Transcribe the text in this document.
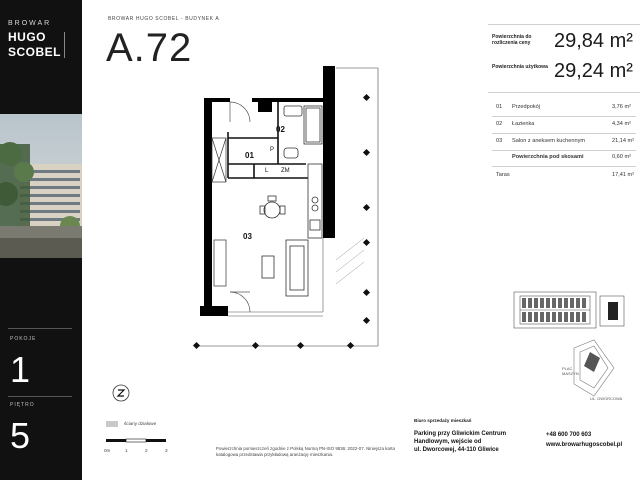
BROWAR
HUGO
SCOBEL
POKOJE
1
PIĘTRO
5
BROWAR HUGO SCOBEL - BUDYNEK A
A.72	Powierzchnia do rozliczenia ceny	29,84 m²
Powierzchnia użytkowa 29,24 m²
01 Przedpokój	3,76 m²
02 Łazienka	4,34 m²
03 Salon z aneksem kuchennym	21,14 m²
Powierzchnia pod skosami	0,60 m²
Taras	17,41 m²
02
01
03
P
L ZM
PLAC MASZYN
UL. DWORCOWA
ściany działowe
0m	1	2	3	Powierzchnia pomieszczeń zgodnie z Polską Normą PN-ISO 9836: 2022-07. Niniejsza karta katalogowa przedstawia przykładową aranżację mieszkania.
Biuro sprzedaży mieszkań
Parking przy Gliwickim Centrum
Handlowym, wejście od
ul. Dworcowej, 44-110 Gliwice
+48 600 700 603
www.browarhugoscobel.pl
